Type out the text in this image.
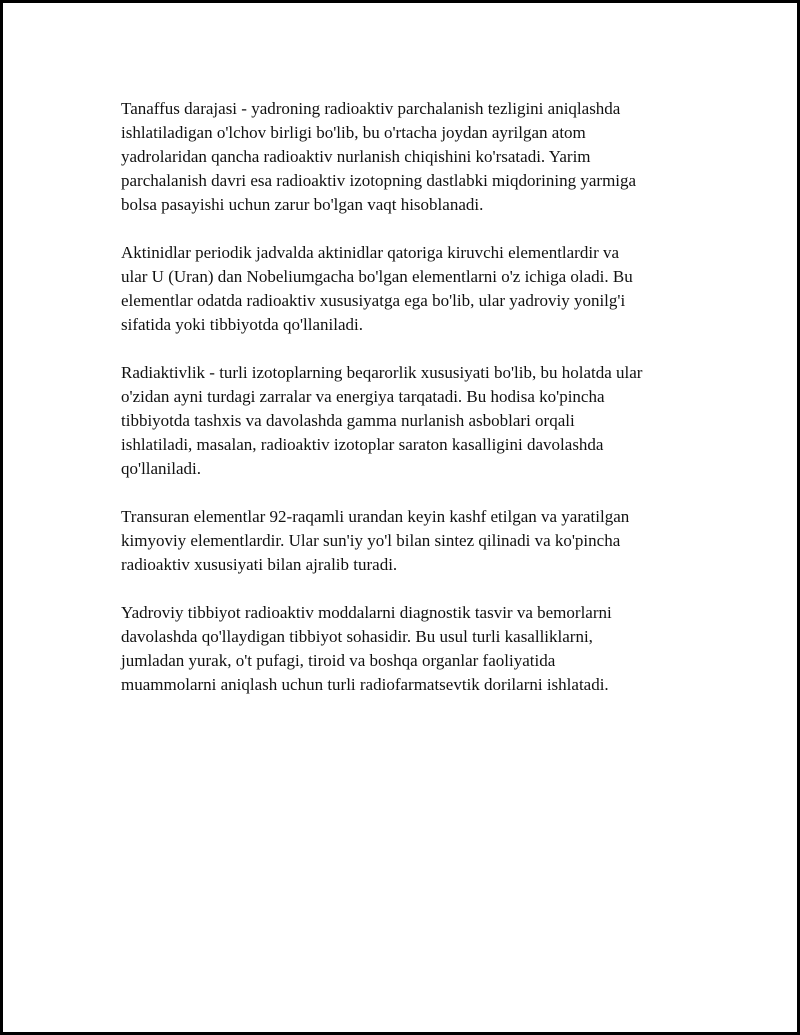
Tanaffus darajasi - yadroning radioaktiv parchalanish tezligini aniqlashda
ishlatiladigan o'lchov birligi bo'lib, bu o'rtacha joydan ayrilgan atom
yadrolaridan qancha radioaktiv nurlanish chiqishini ko'rsatadi. Yarim
parchalanish davri esa radioaktiv izotopning dastlabki miqdorining yarmiga
bolsa pasayishi uchun zarur bo'lgan vaqt hisoblanadi.

Aktinidlar periodik jadvalda aktinidlar qatoriga kiruvchi elementlardir va
ular U (Uran) dan Nobeliumgacha bo'lgan elementlarni o'z ichiga oladi. Bu
elementlar odatda radioaktiv xususiyatga ega bo'lib, ular yadroviy yonilg'i
sifatida yoki tibbiyotda qo'llaniladi.

Radiaktivlik - turli izotoplarning beqarorlik xususiyati bo'lib, bu holatda ular
o'zidan ayni turdagi zarralar va energiya tarqatadi. Bu hodisa ko'pincha
tibbiyotda tashxis va davolashda gamma nurlanish asboblari orqali
ishlatiladi, masalan, radioaktiv izotoplar saraton kasalligini davolashda
qo'llaniladi.

Transuran elementlar 92-raqamli urandan keyin kashf etilgan va yaratilgan
kimyoviy elementlardir. Ular sun'iy yo'l bilan sintez qilinadi va ko'pincha
radioaktiv xususiyati bilan ajralib turadi.

Yadroviy tibbiyot radioaktiv moddalarni diagnostik tasvir va bemorlarni
davolashda qo'llaydigan tibbiyot sohasidir. Bu usul turli kasalliklarni,
jumladan yurak, o't pufagi, tiroid va boshqa organlar faoliyatida
muammolarni aniqlash uchun turli radiofarmatsevtik dorilarni ishlatadi.
